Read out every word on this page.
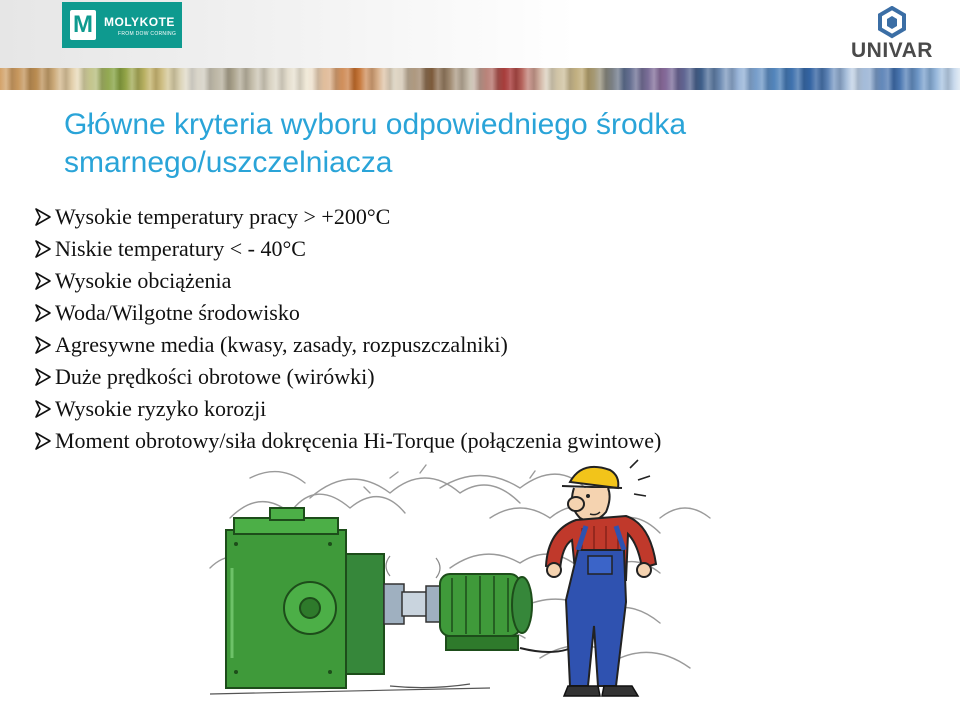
M MOLYKOTE
FROM DOW CORNING
UNIVAR
Główne kryteria wyboru odpowiedniego środka smarnego/uszczelniacza
Wysokie temperatury pracy > +200°C
Niskie temperatury < - 40°C
Wysokie obciążenia
Woda/Wilgotne środowisko
Agresywne media (kwasy, zasady, rozpuszczalniki)
Duże prędkości obrotowe (wirówki)
Wysokie ryzyko korozji
Moment obrotowy/siła dokręcenia Hi-Torque (połączenia gwintowe)
